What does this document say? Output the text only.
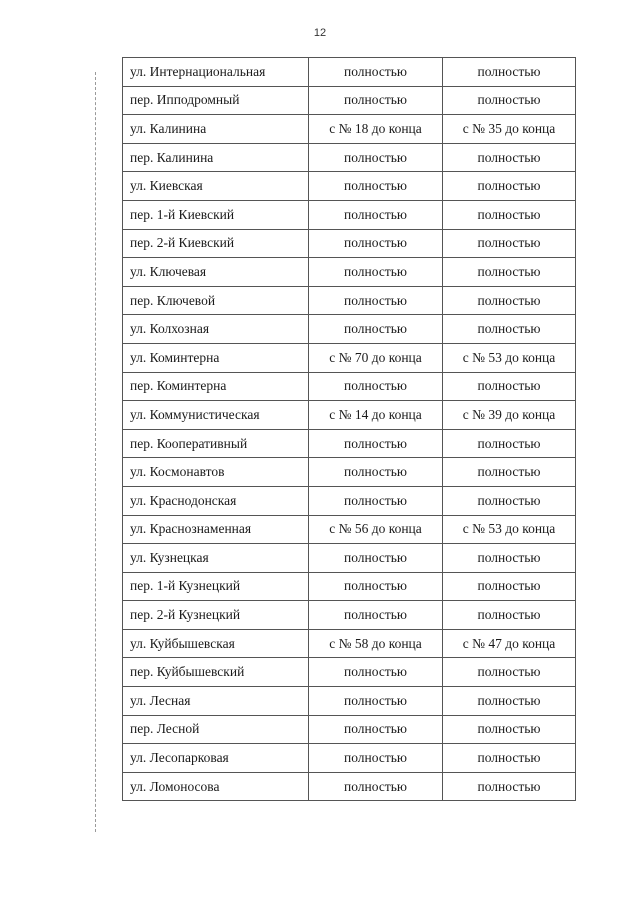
12
ул. Интернациональная	полностью	полностью
пер. Ипподромный	полностью	полностью
ул. Калинина	с № 18 до конца	с № 35 до конца
пер. Калинина	полностью	полностью
ул. Киевская	полностью	полностью
пер. 1-й Киевский	полностью	полностью
пер. 2-й Киевский	полностью	полностью
ул. Ключевая	полностью	полностью
пер. Ключевой	полностью	полностью
ул. Колхозная	полностью	полностью
ул. Коминтерна	с № 70 до конца	с № 53 до конца
пер. Коминтерна	полностью	полностью
ул. Коммунистическая	с № 14 до конца	с № 39 до конца
пер. Кооперативный	полностью	полностью
ул. Космонавтов	полностью	полностью
ул. Краснодонская	полностью	полностью
ул. Краснознаменная	с № 56 до конца	с № 53 до конца
ул. Кузнецкая	полностью	полностью
пер. 1-й Кузнецкий	полностью	полностью
пер. 2-й Кузнецкий	полностью	полностью
ул. Куйбышевская	с № 58 до конца	с № 47 до конца
пер. Куйбышевский	полностью	полностью
ул. Лесная	полностью	полностью
пер. Лесной	полностью	полностью
ул. Лесопарковая	полностью	полностью
ул. Ломоносова	полностью	полностью
